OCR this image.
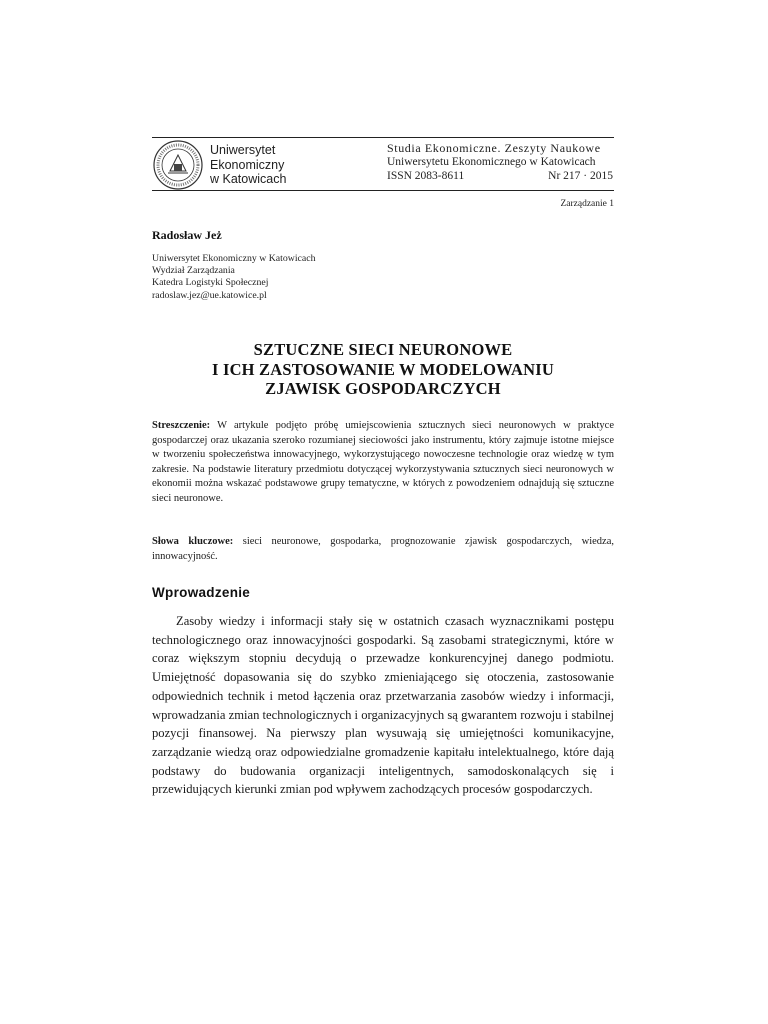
Uniwersytet
Ekonomiczny
w Katowicach
Studia Ekonomiczne. Zeszyty Naukowe
Uniwersytetu Ekonomicznego w Katowicach
ISSN 2083-8611	Nr 217 · 2015
Zarządzanie 1
Radosław Jeż
Uniwersytet Ekonomiczny w Katowicach
Wydział Zarządzania
Katedra Logistyki Społecznej
radoslaw.jez@ue.katowice.pl
SZTUCZNE SIECI NEURONOWE
I ICH ZASTOSOWANIE W MODELOWANIU
ZJAWISK GOSPODARCZYCH
Streszczenie: W artykule podjęto próbę umiejscowienia sztucznych sieci neuronowych w praktyce gospodarczej oraz ukazania szeroko rozumianej sieciowości jako instrumentu, który zajmuje istotne miejsce w tworzeniu społeczeństwa innowacyjnego, wykorzystującego nowoczesne technologie oraz wiedzę w tym zakresie. Na podstawie literatury przedmiotu dotyczącej wykorzystywania sztucznych sieci neuronowych w ekonomii można wskazać podstawowe grupy tematyczne, w których z powodzeniem odnajdują się sztuczne sieci neuronowe.
Słowa kluczowe: sieci neuronowe, gospodarka, prognozowanie zjawisk gospodarczych, wiedza, innowacyjność.
Wprowadzenie
Zasoby wiedzy i informacji stały się w ostatnich czasach wyznacznikami postępu technologicznego oraz innowacyjności gospodarki. Są zasobami strategicznymi, które w coraz większym stopniu decydują o przewadze konkurencyjnej danego podmiotu. Umiejętność dopasowania się do szybko zmieniającego się otoczenia, zastosowanie odpowiednich technik i metod łączenia oraz przetwarzania zasobów wiedzy i informacji, wprowadzania zmian technologicznych i organizacyjnych są gwarantem rozwoju i stabilnej pozycji finansowej. Na pierwszy plan wysuwają się umiejętności komunikacyjne, zarządzanie wiedzą oraz odpowiedzialne gromadzenie kapitału intelektualnego, które dają podstawy do budowania organizacji inteligentnych, samodoskonalących się i przewidujących kierunki zmian pod wpływem zachodzących procesów gospodarczych.
